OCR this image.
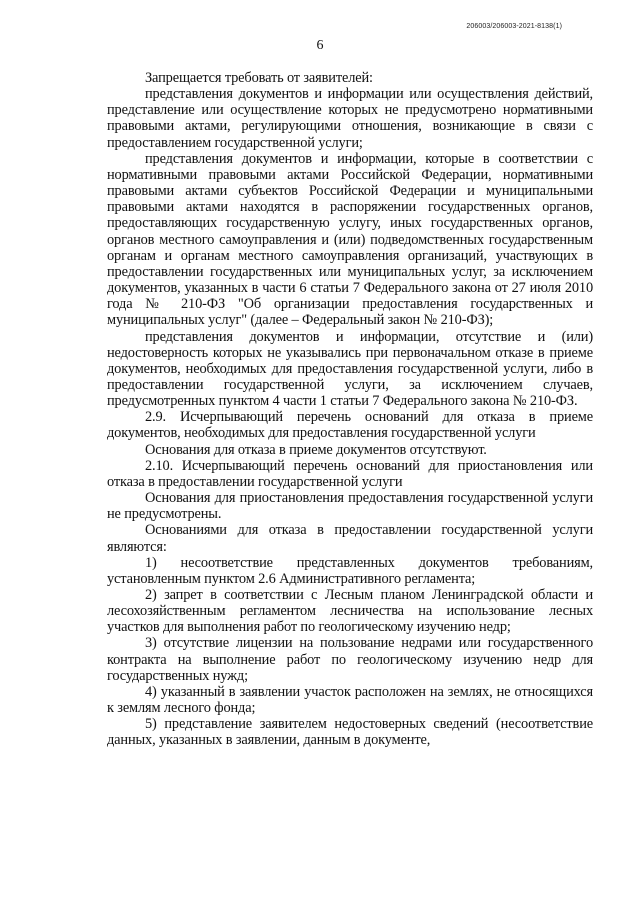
206003/206003-2021-8138(1)
6

Запрещается требовать от заявителей:

представления документов и информации или осуществления действий, представление или осуществление которых не предусмотрено нормативными правовыми актами, регулирующими отношения, возникающие в связи с предоставлением государственной услуги;

представления документов и информации, которые в соответствии с нормативными правовыми актами Российской Федерации, нормативными правовыми актами субъектов Российской Федерации и муниципальными правовыми актами находятся в распоряжении государственных органов, предоставляющих государственную услугу, иных государственных органов, органов местного самоуправления и (или) подведомственных государственным органам и органам местного самоуправления организаций, участвующих в предоставлении государственных или муниципальных услуг, за исключением документов, указанных в части 6 статьи 7 Федерального закона от 27 июля 2010 года № 210-ФЗ "Об организации предоставления государственных и муниципальных услуг" (далее – Федеральный закон № 210-ФЗ);

представления документов и информации, отсутствие и (или) недостоверность которых не указывались при первоначальном отказе в приеме документов, необходимых для предоставления государственной услуги, либо в предоставлении государственной услуги, за исключением случаев, предусмотренных пунктом 4 части 1 статьи 7 Федерального закона № 210-ФЗ.

2.9. Исчерпывающий перечень оснований для отказа в приеме документов, необходимых для предоставления государственной услуги

Основания для отказа в приеме документов отсутствуют.

2.10. Исчерпывающий перечень оснований для приостановления или отказа в предоставлении государственной услуги

Основания для приостановления предоставления государственной услуги не предусмотрены.

Основаниями для отказа в предоставлении государственной услуги являются:

1) несоответствие представленных документов требованиям, установленным пунктом 2.6 Административного регламента;

2) запрет в соответствии с Лесным планом Ленинградской области и лесохозяйственным регламентом лесничества на использование лесных участков для выполнения работ по геологическому изучению недр;

3) отсутствие лицензии на пользование недрами или государственного контракта на выполнение работ по геологическому изучению недр для государственных нужд;

4) указанный в заявлении участок расположен на землях, не относящихся к землям лесного фонда;

5) представление заявителем недостоверных сведений (несоответствие данных, указанных в заявлении, данным в документе,
